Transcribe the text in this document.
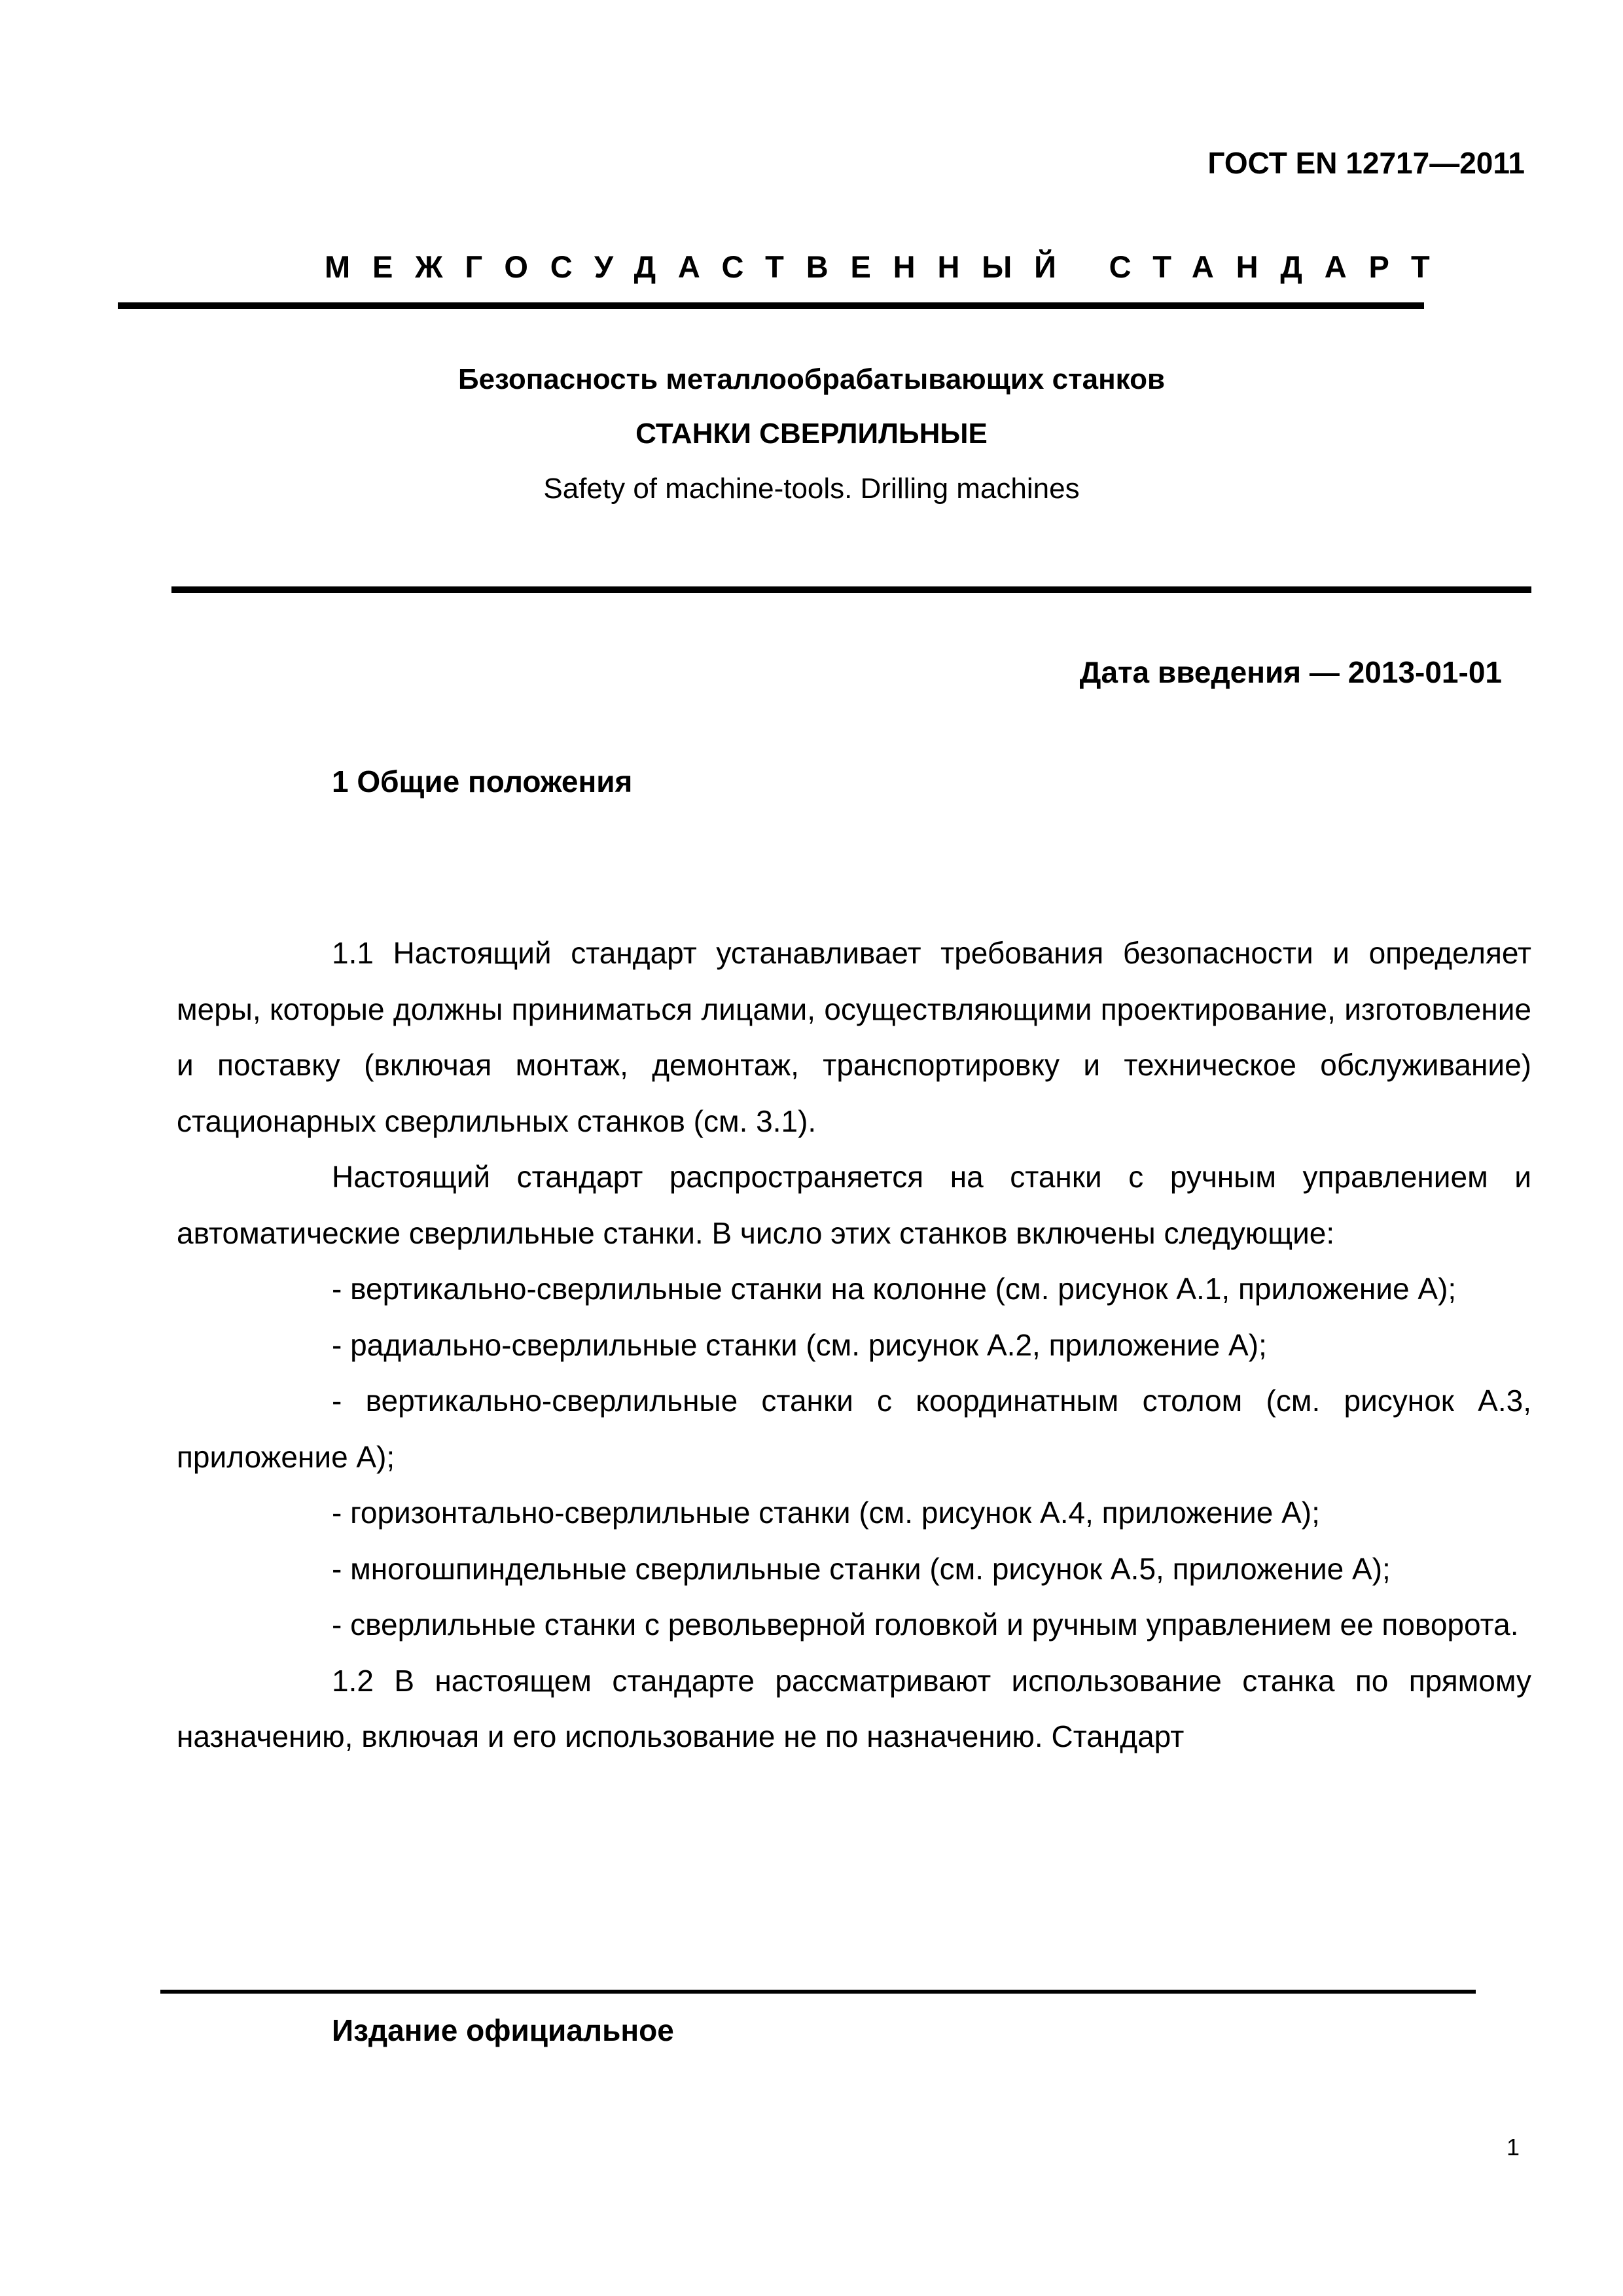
ГОСТ EN 12717—2011
МЕЖГОСУДАСТВЕННЫЙ СТАНДАРТ
Безопасность металлообрабатывающих станков
СТАНКИ СВЕРЛИЛЬНЫЕ
Safety of machine-tools. Drilling machines
Дата введения — 2013-01-01
1 Общие положения

1.1 Настоящий стандарт устанавливает требования безопасности и определяет меры, которые должны приниматься лицами, осуществляющими проектирование, изготовление и поставку (включая монтаж, демонтаж, транспортировку и техническое обслуживание) стационарных сверлильных станков (см. 3.1).

Настоящий стандарт распространяется на станки с ручным управлением и автоматические сверлильные станки. В число этих станков включены следующие:

- вертикально-сверлильные станки на колонне (см. рисунок А.1, приложение А);

- радиально-сверлильные станки (см. рисунок А.2, приложение А);

- вертикально-сверлильные станки с координатным столом (см. рисунок А.3, приложение А);

- горизонтально-сверлильные станки (см. рисунок А.4, приложение А);

- многошпиндельные сверлильные станки (см. рисунок А.5, приложение А);

- сверлильные станки с револьверной головкой и ручным управлением ее поворота.

1.2 В настоящем стандарте рассматривают использование станка по прямому назначению, включая и его использование не по назначению. Стандарт

Издание официальное
1
